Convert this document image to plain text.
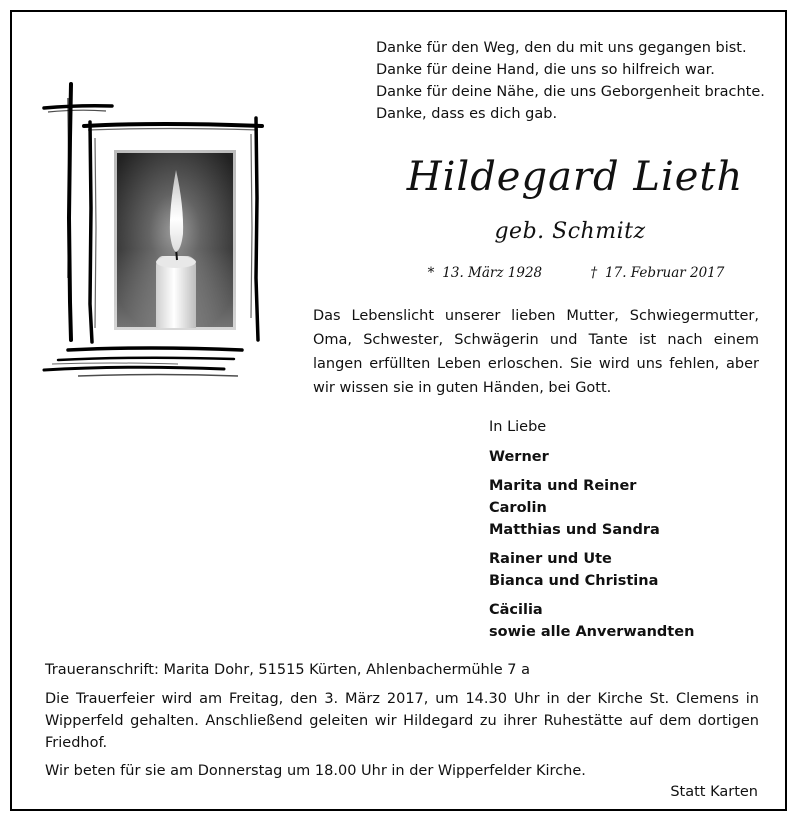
Danke für den Weg, den du mit uns gegangen bist.
Danke für deine Hand, die uns so hilfreich war.
Danke für deine Nähe, die uns Geborgenheit brachte.
Danke, dass es dich gab.
Hildegard Lieth
geb. Schmitz
* 13. März 1928	† 17. Februar 2017
Das Lebenslicht unserer lieben Mutter, Schwiegermutter, Oma, Schwester, Schwägerin und Tante ist nach einem langen erfüllten Leben erloschen. Sie wird uns fehlen, aber wir wissen sie in guten Händen, bei Gott.
In Liebe
Werner
Marita und Reiner
Carolin
Matthias und Sandra
Rainer und Ute
Bianca und Christina
Cäcilia
sowie alle Anverwandten
Traueranschrift: Marita Dohr, 51515 Kürten, Ahlenbachermühle 7 a
Die Trauerfeier wird am Freitag, den 3. März 2017, um 14.30 Uhr in der Kirche St. Clemens in Wipperfeld gehalten. Anschließend geleiten wir Hildegard zu ihrer Ruhestätte auf dem dortigen Friedhof.
Wir beten für sie am Donnerstag um 18.00 Uhr in der Wipperfelder Kirche.
Statt Karten
